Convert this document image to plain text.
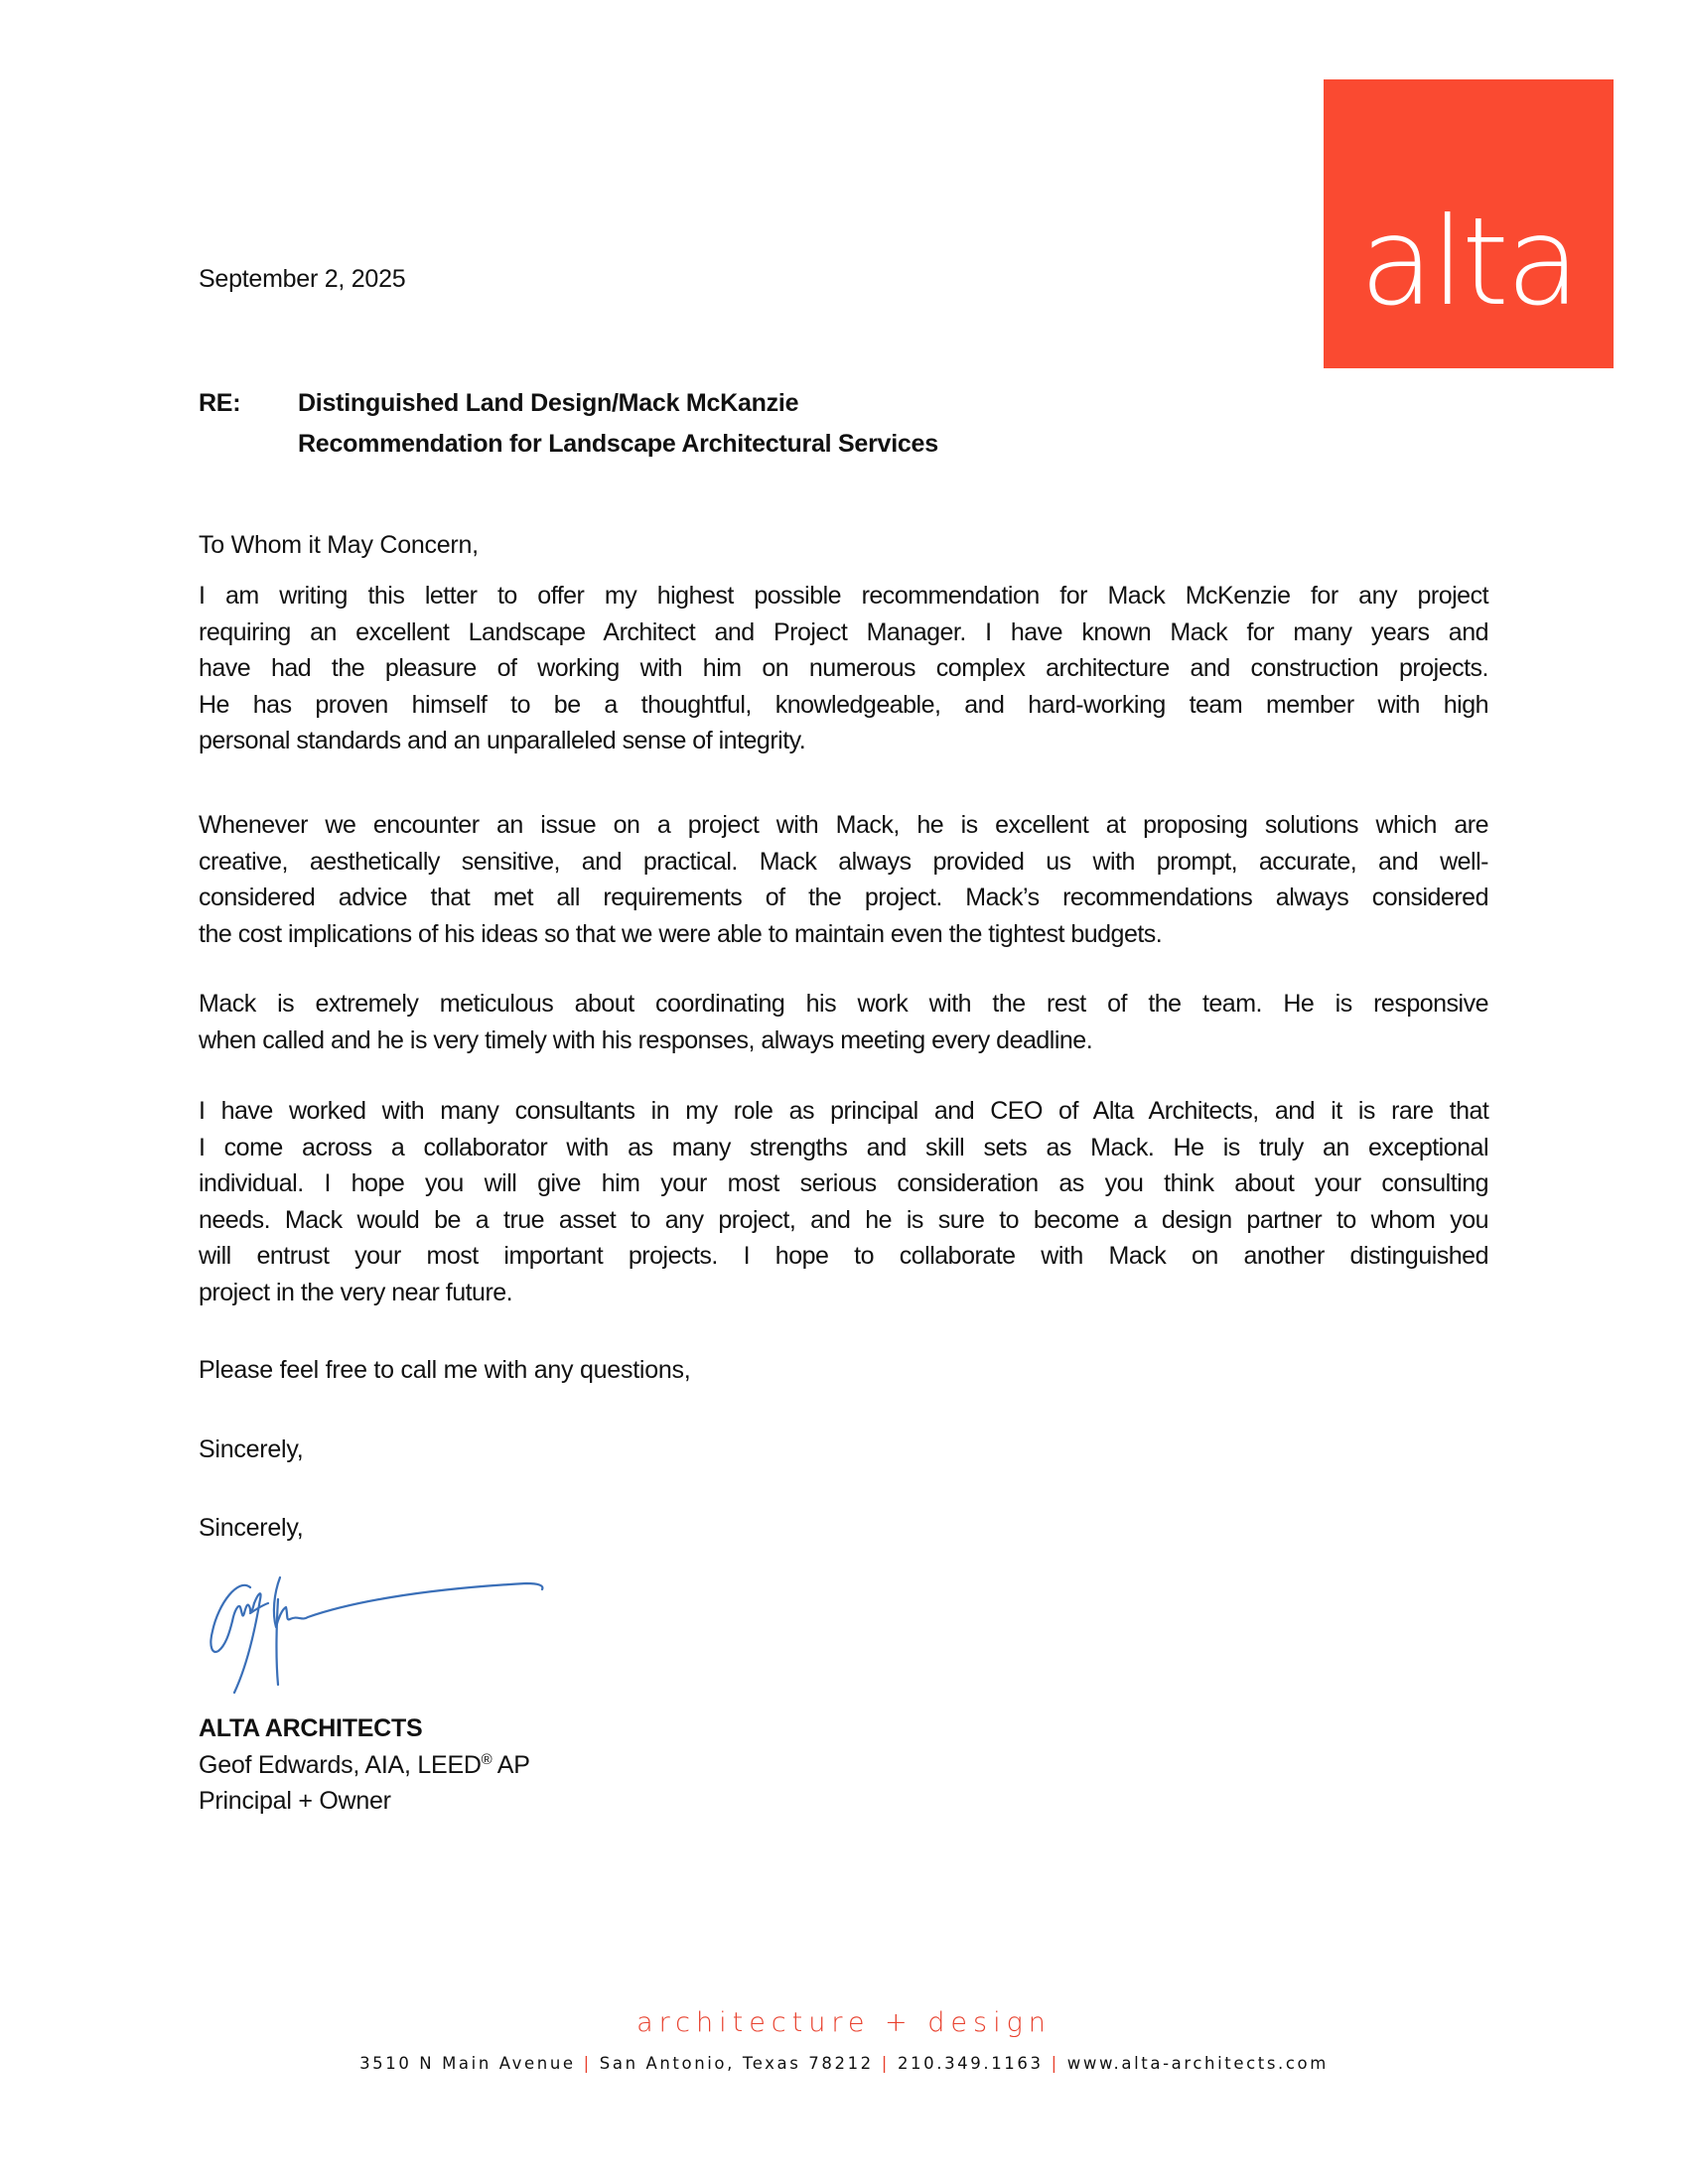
alta
September 2, 2025
RE: Distinguished Land Design/Mack McKanzie
Recommendation for Landscape Architectural Services
To Whom it May Concern,
I am writing this letter to offer my highest possible recommendation for Mack McKenzie for any project
requiring an excellent Landscape Architect and Project Manager. I have known Mack for many years and
have had the pleasure of working with him on numerous complex architecture and construction projects.
He has proven himself to be a thoughtful, knowledgeable, and hard-working team member with high
personal standards and an unparalleled sense of integrity.
Whenever we encounter an issue on a project with Mack, he is excellent at proposing solutions which are
creative, aesthetically sensitive, and practical. Mack always provided us with prompt, accurate, and well-
considered advice that met all requirements of the project. Mack’s recommendations always considered
the cost implications of his ideas so that we were able to maintain even the tightest budgets.
Mack is extremely meticulous about coordinating his work with the rest of the team. He is responsive
when called and he is very timely with his responses, always meeting every deadline.
I have worked with many consultants in my role as principal and CEO of Alta Architects, and it is rare that
I come across a collaborator with as many strengths and skill sets as Mack. He is truly an exceptional
individual. I hope you will give him your most serious consideration as you think about your consulting
needs. Mack would be a true asset to any project, and he is sure to become a design partner to whom you
will entrust your most important projects. I hope to collaborate with Mack on another distinguished
project in the very near future.
Please feel free to call me with any questions,
Sincerely,
Sincerely,
ALTA ARCHITECTS
Geof Edwards, AIA, LEED® AP
Principal + Owner
architecture + design
3510 N Main Avenue | San Antonio, Texas 78212 | 210.349.1163 | www.alta-architects.com
